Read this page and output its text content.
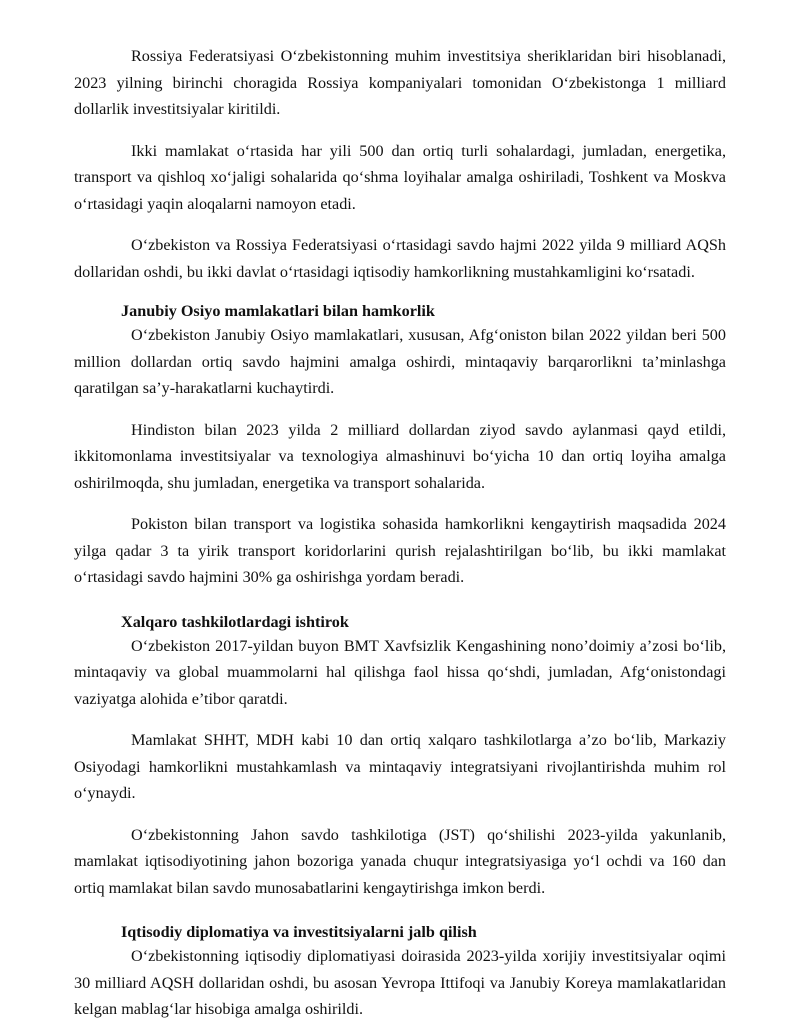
Rossiya Federatsiyasi O‘zbekistonning muhim investitsiya sheriklaridan biri hisoblanadi, 2023 yilning birinchi choragida Rossiya kompaniyalari tomonidan O‘zbekistonga 1 milliard dollarlik investitsiyalar kiritildi.

Ikki mamlakat o‘rtasida har yili 500 dan ortiq turli sohalardagi, jumladan, energetika, transport va qishloq xo‘jaligi sohalarida qo‘shma loyihalar amalga oshiriladi, Toshkent va Moskva o‘rtasidagi yaqin aloqalarni namoyon etadi.

O‘zbekiston va Rossiya Federatsiyasi o‘rtasidagi savdo hajmi 2022 yilda 9 milliard AQSh dollaridan oshdi, bu ikki davlat o‘rtasidagi iqtisodiy hamkorlikning mustahkamligini ko‘rsatadi.

Janubiy Osiyo mamlakatlari bilan hamkorlik

O‘zbekiston Janubiy Osiyo mamlakatlari, xususan, Afg‘oniston bilan 2022 yildan beri 500 million dollardan ortiq savdo hajmini amalga oshirdi, mintaqaviy barqarorlikni ta’minlashga qaratilgan sa’y-harakatlarni kuchaytirdi.

Hindiston bilan 2023 yilda 2 milliard dollardan ziyod savdo aylanmasi qayd etildi, ikkitomonlama investitsiyalar va texnologiya almashinuvi bo‘yicha 10 dan ortiq loyiha amalga oshirilmoqda, shu jumladan, energetika va transport sohalarida.

Pokiston bilan transport va logistika sohasida hamkorlikni kengaytirish maqsadida 2024 yilga qadar 3 ta yirik transport koridorlarini qurish rejalashtirilgan bo‘lib, bu ikki mamlakat o‘rtasidagi savdo hajmini 30% ga oshirishga yordam beradi.

Xalqaro tashkilotlardagi ishtirok

O‘zbekiston 2017-yildan buyon BMT Xavfsizlik Kengashining nono’doimiy a’zosi bo‘lib, mintaqaviy va global muammolarni hal qilishga faol hissa qo‘shdi, jumladan, Afg‘onistondagi vaziyatga alohida e’tibor qaratdi.

Mamlakat SHHT, MDH kabi 10 dan ortiq xalqaro tashkilotlarga a’zo bo‘lib, Markaziy Osiyodagi hamkorlikni mustahkamlash va mintaqaviy integratsiyani rivojlantirishda muhim rol o‘ynaydi.

O‘zbekistonning Jahon savdo tashkilotiga (JST) qo‘shilishi 2023-yilda yakunlanib, mamlakat iqtisodiyotining jahon bozoriga yanada chuqur integratsiyasiga yo‘l ochdi va 160 dan ortiq mamlakat bilan savdo munosabatlarini kengaytirishga imkon berdi.

Iqtisodiy diplomatiya va investitsiyalarni jalb qilish

O‘zbekistonning iqtisodiy diplomatiyasi doirasida 2023-yilda xorijiy investitsiyalar oqimi 30 milliard AQSH dollaridan oshdi, bu asosan Yevropa Ittifoqi va Janubiy Koreya mamlakatlaridan kelgan mablag‘lar hisobiga amalga oshirildi.
